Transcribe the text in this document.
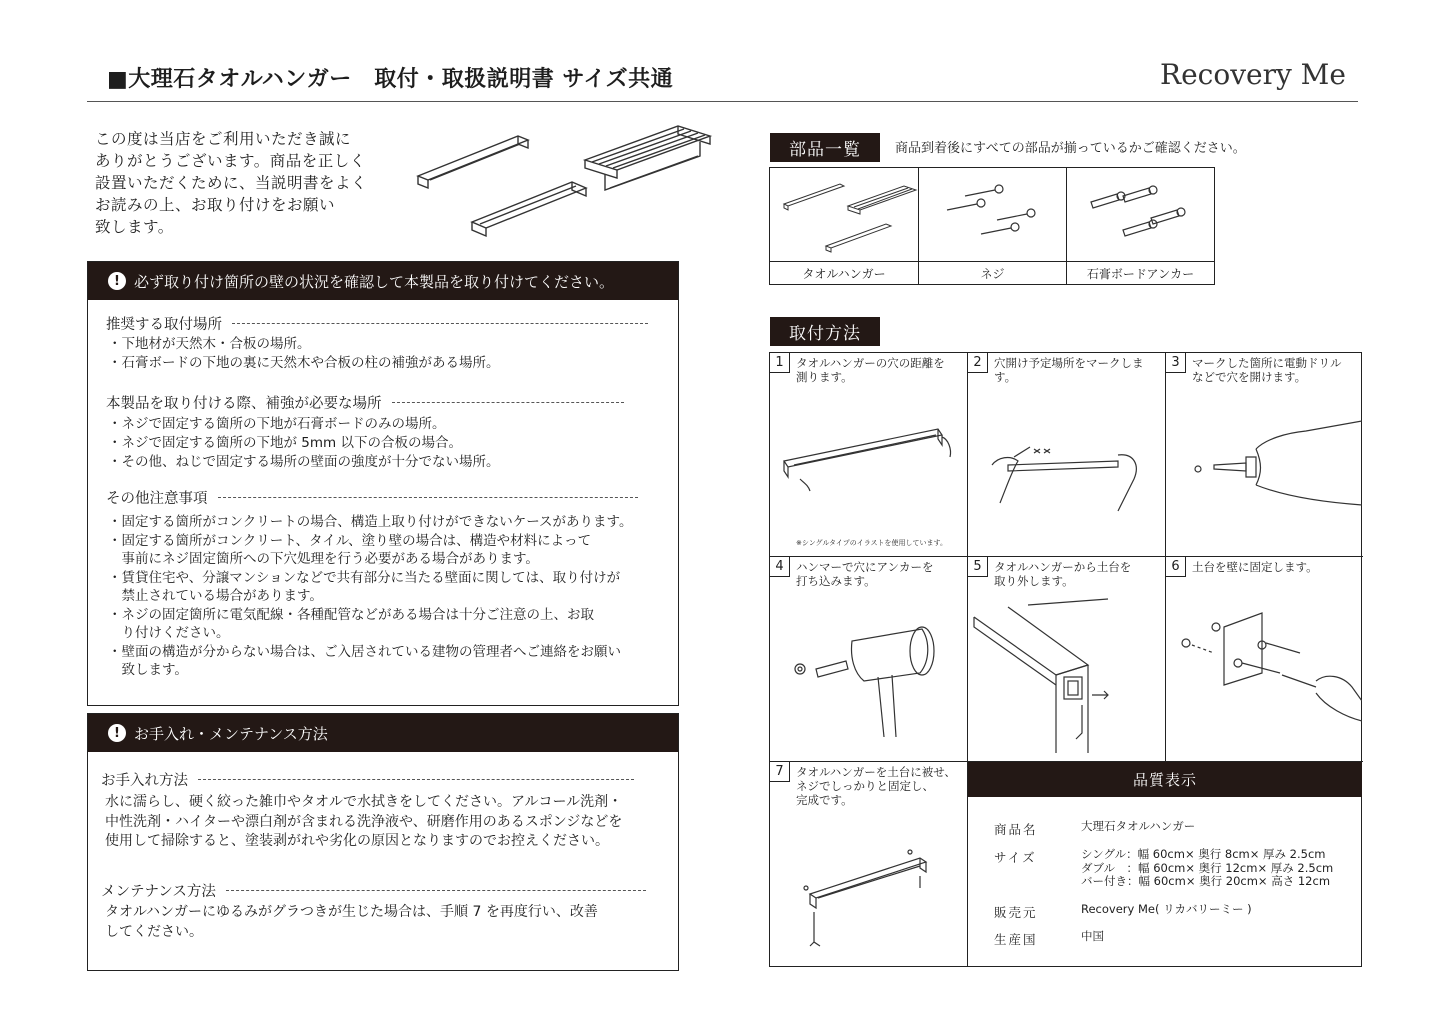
■大理石タオルハンガー　取付・取扱説明書 サイズ共通	Recovery Me
この度は当店をご利用いただき誠に
ありがとうございます。商品を正しく
設置いただくために、当説明書をよく
お読みの上、お取り付けをお願い
致します。
! 必ず取り付け箇所の壁の状況を確認して本製品を取り付けてください。
推奨する取付場所
・下地材が天然木・合板の場所。
・石膏ボードの下地の裏に天然木や合板の柱の補強がある場所。
本製品を取り付ける際、補強が必要な場所
・ネジで固定する箇所の下地が石膏ボードのみの場所。
・ネジで固定する箇所の下地が 5mm 以下の合板の場合。
・その他、ねじで固定する場所の壁面の強度が十分でない場所。
その他注意事項
・固定する箇所がコンクリートの場合、構造上取り付けができないケースがあります。
・固定する箇所がコンクリート、タイル、塗り壁の場合は、構造や材料によって
　事前にネジ固定箇所への下穴処理を行う必要がある場合があります。
・賃貸住宅や、分譲マンションなどで共有部分に当たる壁面に関しては、取り付けが
　禁止されている場合があります。
・ネジの固定箇所に電気配線・各種配管などがある場合は十分ご注意の上、お取
　り付けください。
・壁面の構造が分からない場合は、ご入居されている建物の管理者へご連絡をお願い
　致します。
! お手入れ・メンテナンス方法
お手入れ方法
水に濡らし、硬く絞った雑巾やタオルで水拭きをしてください。アルコール洗剤・
中性洗剤・ハイターや漂白剤が含まれる洗浄液や、研磨作用のあるスポンジなどを
使用して掃除すると、塗装剥がれや劣化の原因となりますのでお控えください。
メンテナンス方法
タオルハンガーにゆるみがグラつきが生じた場合は、手順 7 を再度行い、改善
してください。
部品一覧	商品到着後にすべての部品が揃っているかご確認ください。
タオルハンガー	ネジ	石膏ボードアンカー
取付方法
1	タオルハンガーの穴の距離を
測ります。
※シングルタイプのイラストを使用しています。
2	穴開け予定場所をマークします。
3	マークした箇所に電動ドリル
などで穴を開けます。
4	ハンマーで穴にアンカーを
打ち込みます。
5	タオルハンガーから土台を
取り外します。
6	土台を壁に固定します。
7	タオルハンガーを土台に被せ、
ネジでしっかりと固定し、
完成です。
品質表示
商品名	大理石タオルハンガー
サイズ	シングル：幅 60cm× 奥行 8cm× 厚み 2.5cm
ダブル　：幅 60cm× 奥行 12cm× 厚み 2.5cm
バー付き：幅 60cm× 奥行 20cm× 高さ 12cm
販売元	Recovery Me( リカバリーミー )
生産国	中国
